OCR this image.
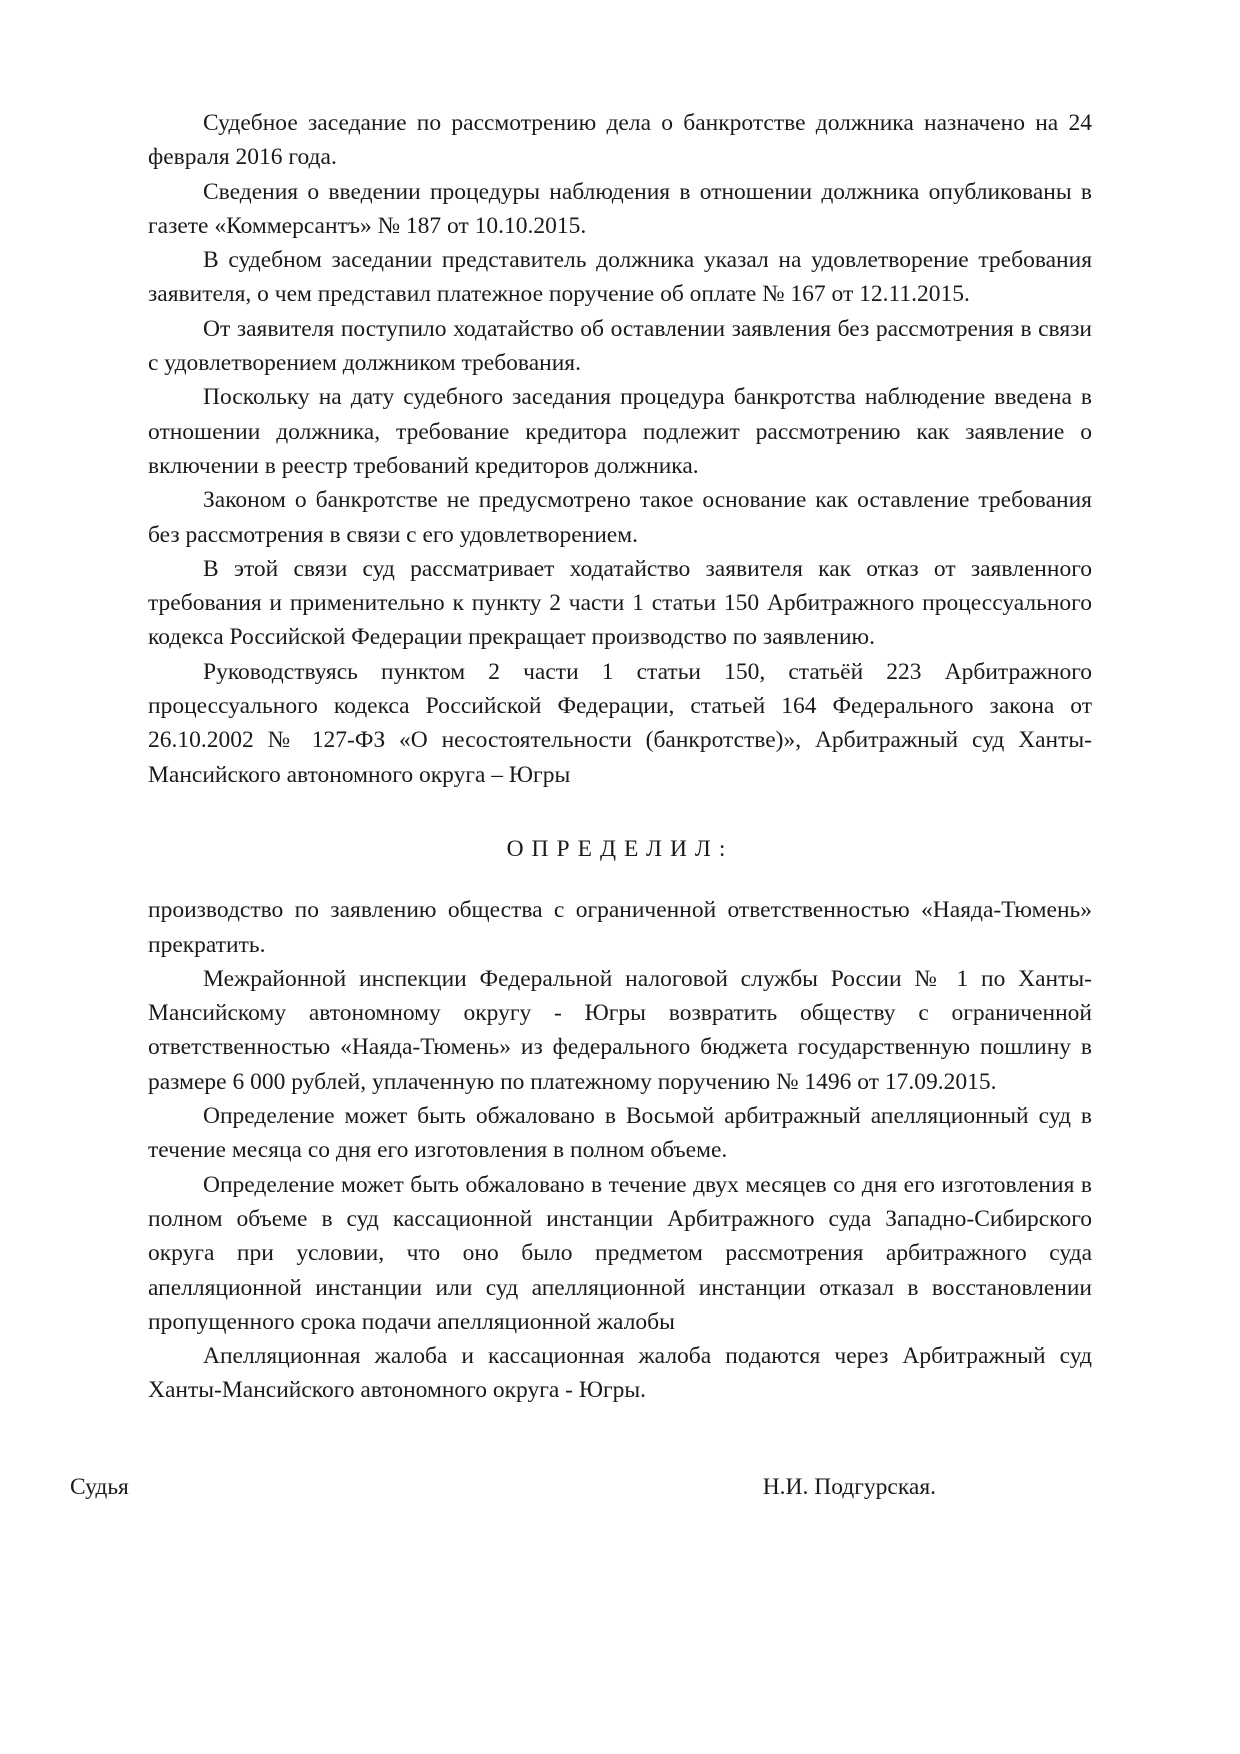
Судебное заседание по рассмотрению дела о банкротстве должника назначено на 24 февраля 2016 года.

Сведения о введении процедуры наблюдения в отношении должника опубликованы в газете «Коммерсантъ» № 187 от 10.10.2015.

В судебном заседании представитель должника указал на удовлетворение требования заявителя, о чем представил платежное поручение об оплате № 167 от 12.11.2015.

От заявителя поступило ходатайство об оставлении заявления без рассмотрения в связи с удовлетворением должником требования.

Поскольку на дату судебного заседания процедура банкротства наблюдение введена в отношении должника, требование кредитора подлежит рассмотрению как заявление о включении в реестр требований кредиторов должника.

Законом о банкротстве не предусмотрено такое основание как оставление требования без рассмотрения в связи с его удовлетворением.

В этой связи суд рассматривает ходатайство заявителя как отказ от заявленного требования и применительно к пункту 2 части 1 статьи 150 Арбитражного процессуального кодекса Российской Федерации прекращает производство по заявлению.

Руководствуясь пунктом 2 части 1 статьи 150, статьёй 223 Арбитражного процессуального кодекса Российской Федерации, статьей 164 Федерального закона от 26.10.2002 № 127-ФЗ «О несостоятельности (банкротстве)», Арбитражный суд Ханты-Мансийского автономного округа – Югры

ОПРЕДЕЛИЛ:

производство по заявлению общества с ограниченной ответственностью «Наяда-Тюмень» прекратить.

Межрайонной инспекции Федеральной налоговой службы России № 1 по Ханты-Мансийскому автономному округу - Югры возвратить обществу с ограниченной ответственностью «Наяда-Тюмень» из федерального бюджета государственную пошлину в размере 6 000 рублей, уплаченную по платежному поручению № 1496 от 17.09.2015.

Определение может быть обжаловано в Восьмой арбитражный апелляционный суд в течение месяца со дня его изготовления в полном объеме.

Определение может быть обжаловано в течение двух месяцев со дня его изготовления в полном объеме в суд кассационной инстанции Арбитражного суда Западно-Сибирского округа при условии, что оно было предметом рассмотрения арбитражного суда апелляционной инстанции или суд апелляционной инстанции отказал в восстановлении пропущенного срока подачи апелляционной жалобы

Апелляционная жалоба и кассационная жалоба подаются через Арбитражный суд Ханты-Мансийского автономного округа - Югры.

Судья	Н.И. Подгурская.
